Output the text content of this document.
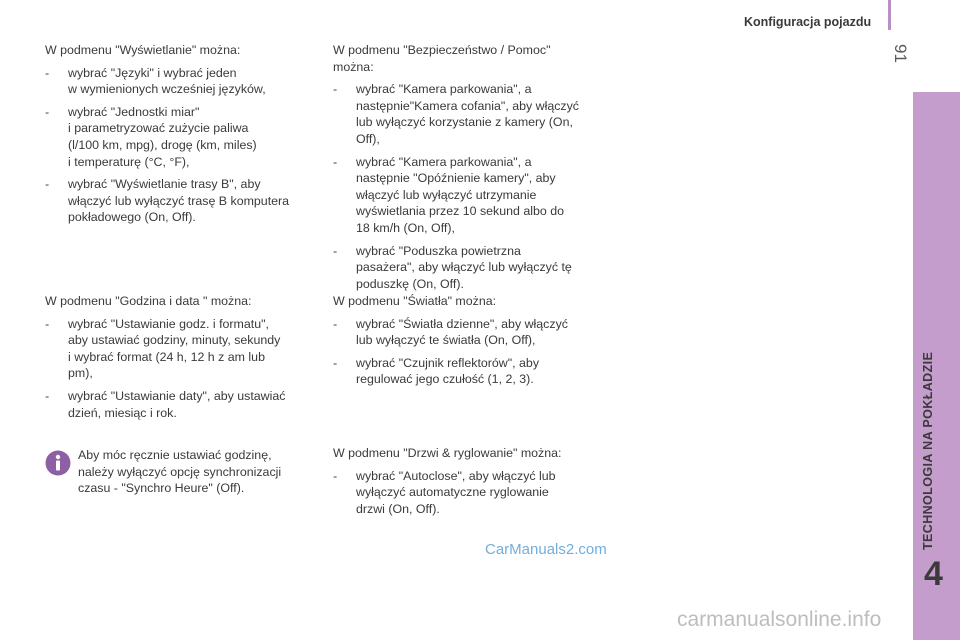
Konfiguracja pojazdu
91
TECHNOLOGIA NA POKŁADZIE
4

W podmenu "Wyświetlanie" można:

- wybrać "Języki" i wybrać jeden
w wymienionych wcześniej języków,
- wybrać "Jednostki miar"
i parametryzować zużycie paliwa
(l/100 km, mpg), drogę (km, miles)
i temperaturę (°C, °F),
- wybrać "Wyświetlanie trasy B", aby
włączyć lub wyłączyć trasę B komputera
pokładowego (On, Off).

W podmenu "Godzina i data " można:

- wybrać "Ustawianie godz. i formatu",
aby ustawiać godziny, minuty, sekundy
i wybrać format (24 h, 12 h z am lub
pm),
- wybrać "Ustawianie daty", aby ustawiać
dzień, miesiąc i rok.
Aby móc ręcznie ustawiać godzinę,
należy wyłączyć opcję synchronizacji
czasu - "Synchro Heure" (Off).

W podmenu "Bezpieczeństwo / Pomoc"
można:

- wybrać "Kamera parkowania", a
następnie"Kamera cofania", aby włączyć
lub wyłączyć korzystanie z kamery (On,
Off),
- wybrać "Kamera parkowania", a
następnie "Opóźnienie kamery", aby
włączyć lub wyłączyć utrzymanie
wyświetlania przez 10 sekund albo do
18 km/h (On, Off),
- wybrać "Poduszka powietrzna
pasażera", aby włączyć lub wyłączyć tę
poduszkę (On, Off).

W podmenu "Światła" można:

- wybrać "Światła dzienne", aby włączyć
lub wyłączyć te światła (On, Off),
- wybrać "Czujnik reflektorów", aby
regulować jego czułość (1, 2, 3).

W podmenu "Drzwi & ryglowanie" można:

- wybrać "Autoclose", aby włączyć lub
wyłączyć automatyczne ryglowanie
drzwi (On, Off).
CarManuals2.com
carmanualsonline.info
